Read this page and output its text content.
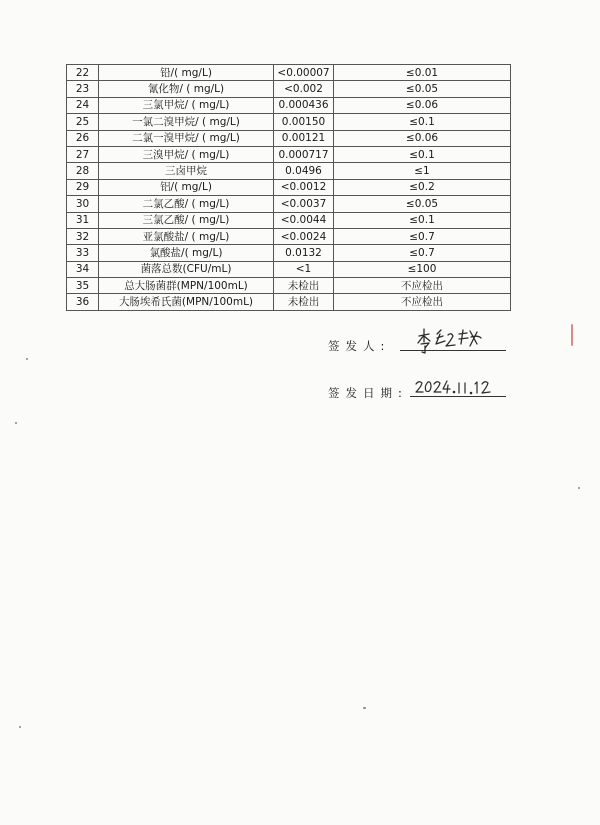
22	铅/( mg/L)	<0.00007	≤0.01
23	氰化物/ ( mg/L)	<0.002	≤0.05
24	三氯甲烷/ ( mg/L)	0.000436	≤0.06
25	一氯二溴甲烷/ ( mg/L)	0.00150	≤0.1
26	二氯一溴甲烷/ ( mg/L)	0.00121	≤0.06
27	三溴甲烷/ ( mg/L)	0.000717	≤0.1
28	三卤甲烷	0.0496	≤1
29	铝/( mg/L)	<0.0012	≤0.2
30	二氯乙酸/ ( mg/L)	<0.0037	≤0.05
31	三氯乙酸/ ( mg/L)	<0.0044	≤0.1
32	亚氯酸盐/ ( mg/L)	<0.0024	≤0.7
33	氯酸盐/( mg/L)	0.0132	≤0.7
34	菌落总数(CFU/mL)	<1	≤100
35	总大肠菌群(MPN/100mL)	未检出	不应检出
36	大肠埃希氏菌(MPN/100mL)	未检出	不应检出
签发人:
签发日期:
